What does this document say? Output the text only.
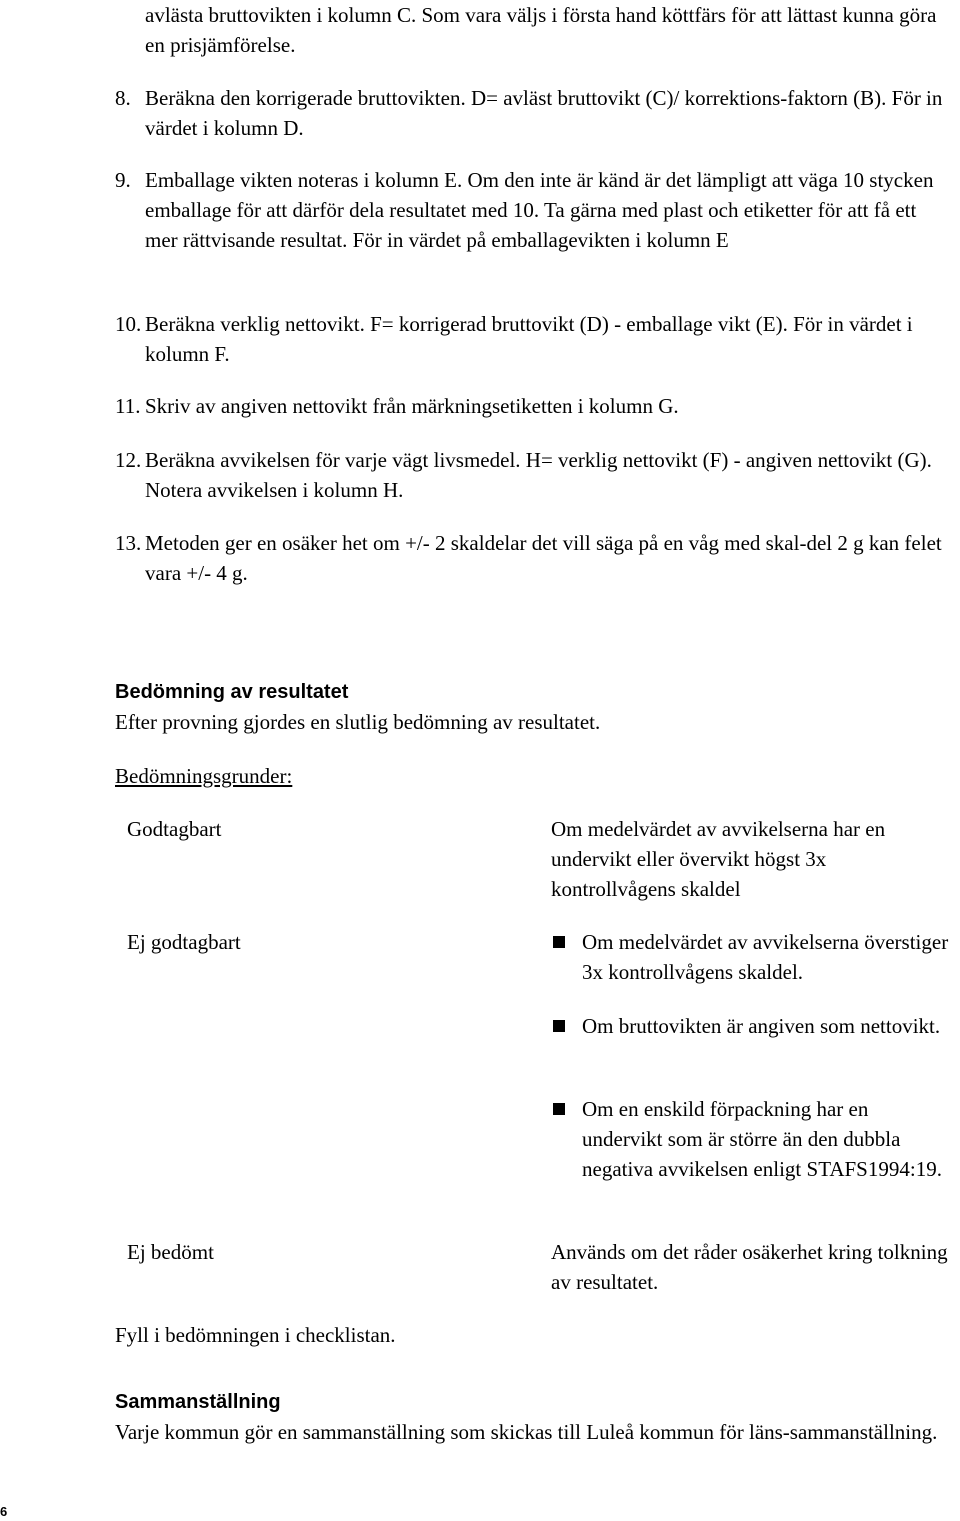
avlästa bruttovikten i kolumn C. Som vara väljs i första hand köttfärs för att lättast kunna göra en prisjämförelse.
8. Beräkna den korrigerade bruttovikten. D= avläst bruttovikt (C)/ korrektions-faktorn (B). För in värdet i kolumn D.
9. Emballage vikten noteras i kolumn E. Om den inte är känd är det lämpligt att väga 10 stycken emballage för att därför dela resultatet med 10. Ta gärna med plast och etiketter för att få ett mer rättvisande resultat. För in värdet på emballagevikten i kolumn E
10. Beräkna verklig nettovikt. F= korrigerad bruttovikt (D) - emballage vikt (E). För in värdet i kolumn F.
11. Skriv av angiven nettovikt från märkningsetiketten i kolumn G.
12. Beräkna avvikelsen för varje vägt livsmedel. H= verklig nettovikt (F) - angiven nettovikt (G). Notera avvikelsen i kolumn H.
13. Metoden ger en osäker het om +/- 2 skaldelar det vill säga på en våg med skal-del 2 g kan felet vara +/- 4 g.
Bedömning av resultatet
Efter provning gjordes en slutlig bedömning av resultatet.
Bedömningsgrunder:
Godtagbart	Om medelvärdet av avvikelserna har en undervikt eller övervikt högst 3x kontrollvågens skaldel
Ej godtagbart	Om medelvärdet av avvikelserna överstiger 3x kontrollvågens skaldel.
Om bruttovikten är angiven som nettovikt.
Om en enskild förpackning har en undervikt som är större än den dubbla negativa avvikelsen enligt STAFS1994:19.
Ej bedömt	Används om det råder osäkerhet kring tolkning av resultatet.
Fyll i bedömningen i checklistan.
Sammanställning
Varje kommun gör en sammanställning som skickas till Luleå kommun för läns-sammanställning.
6
